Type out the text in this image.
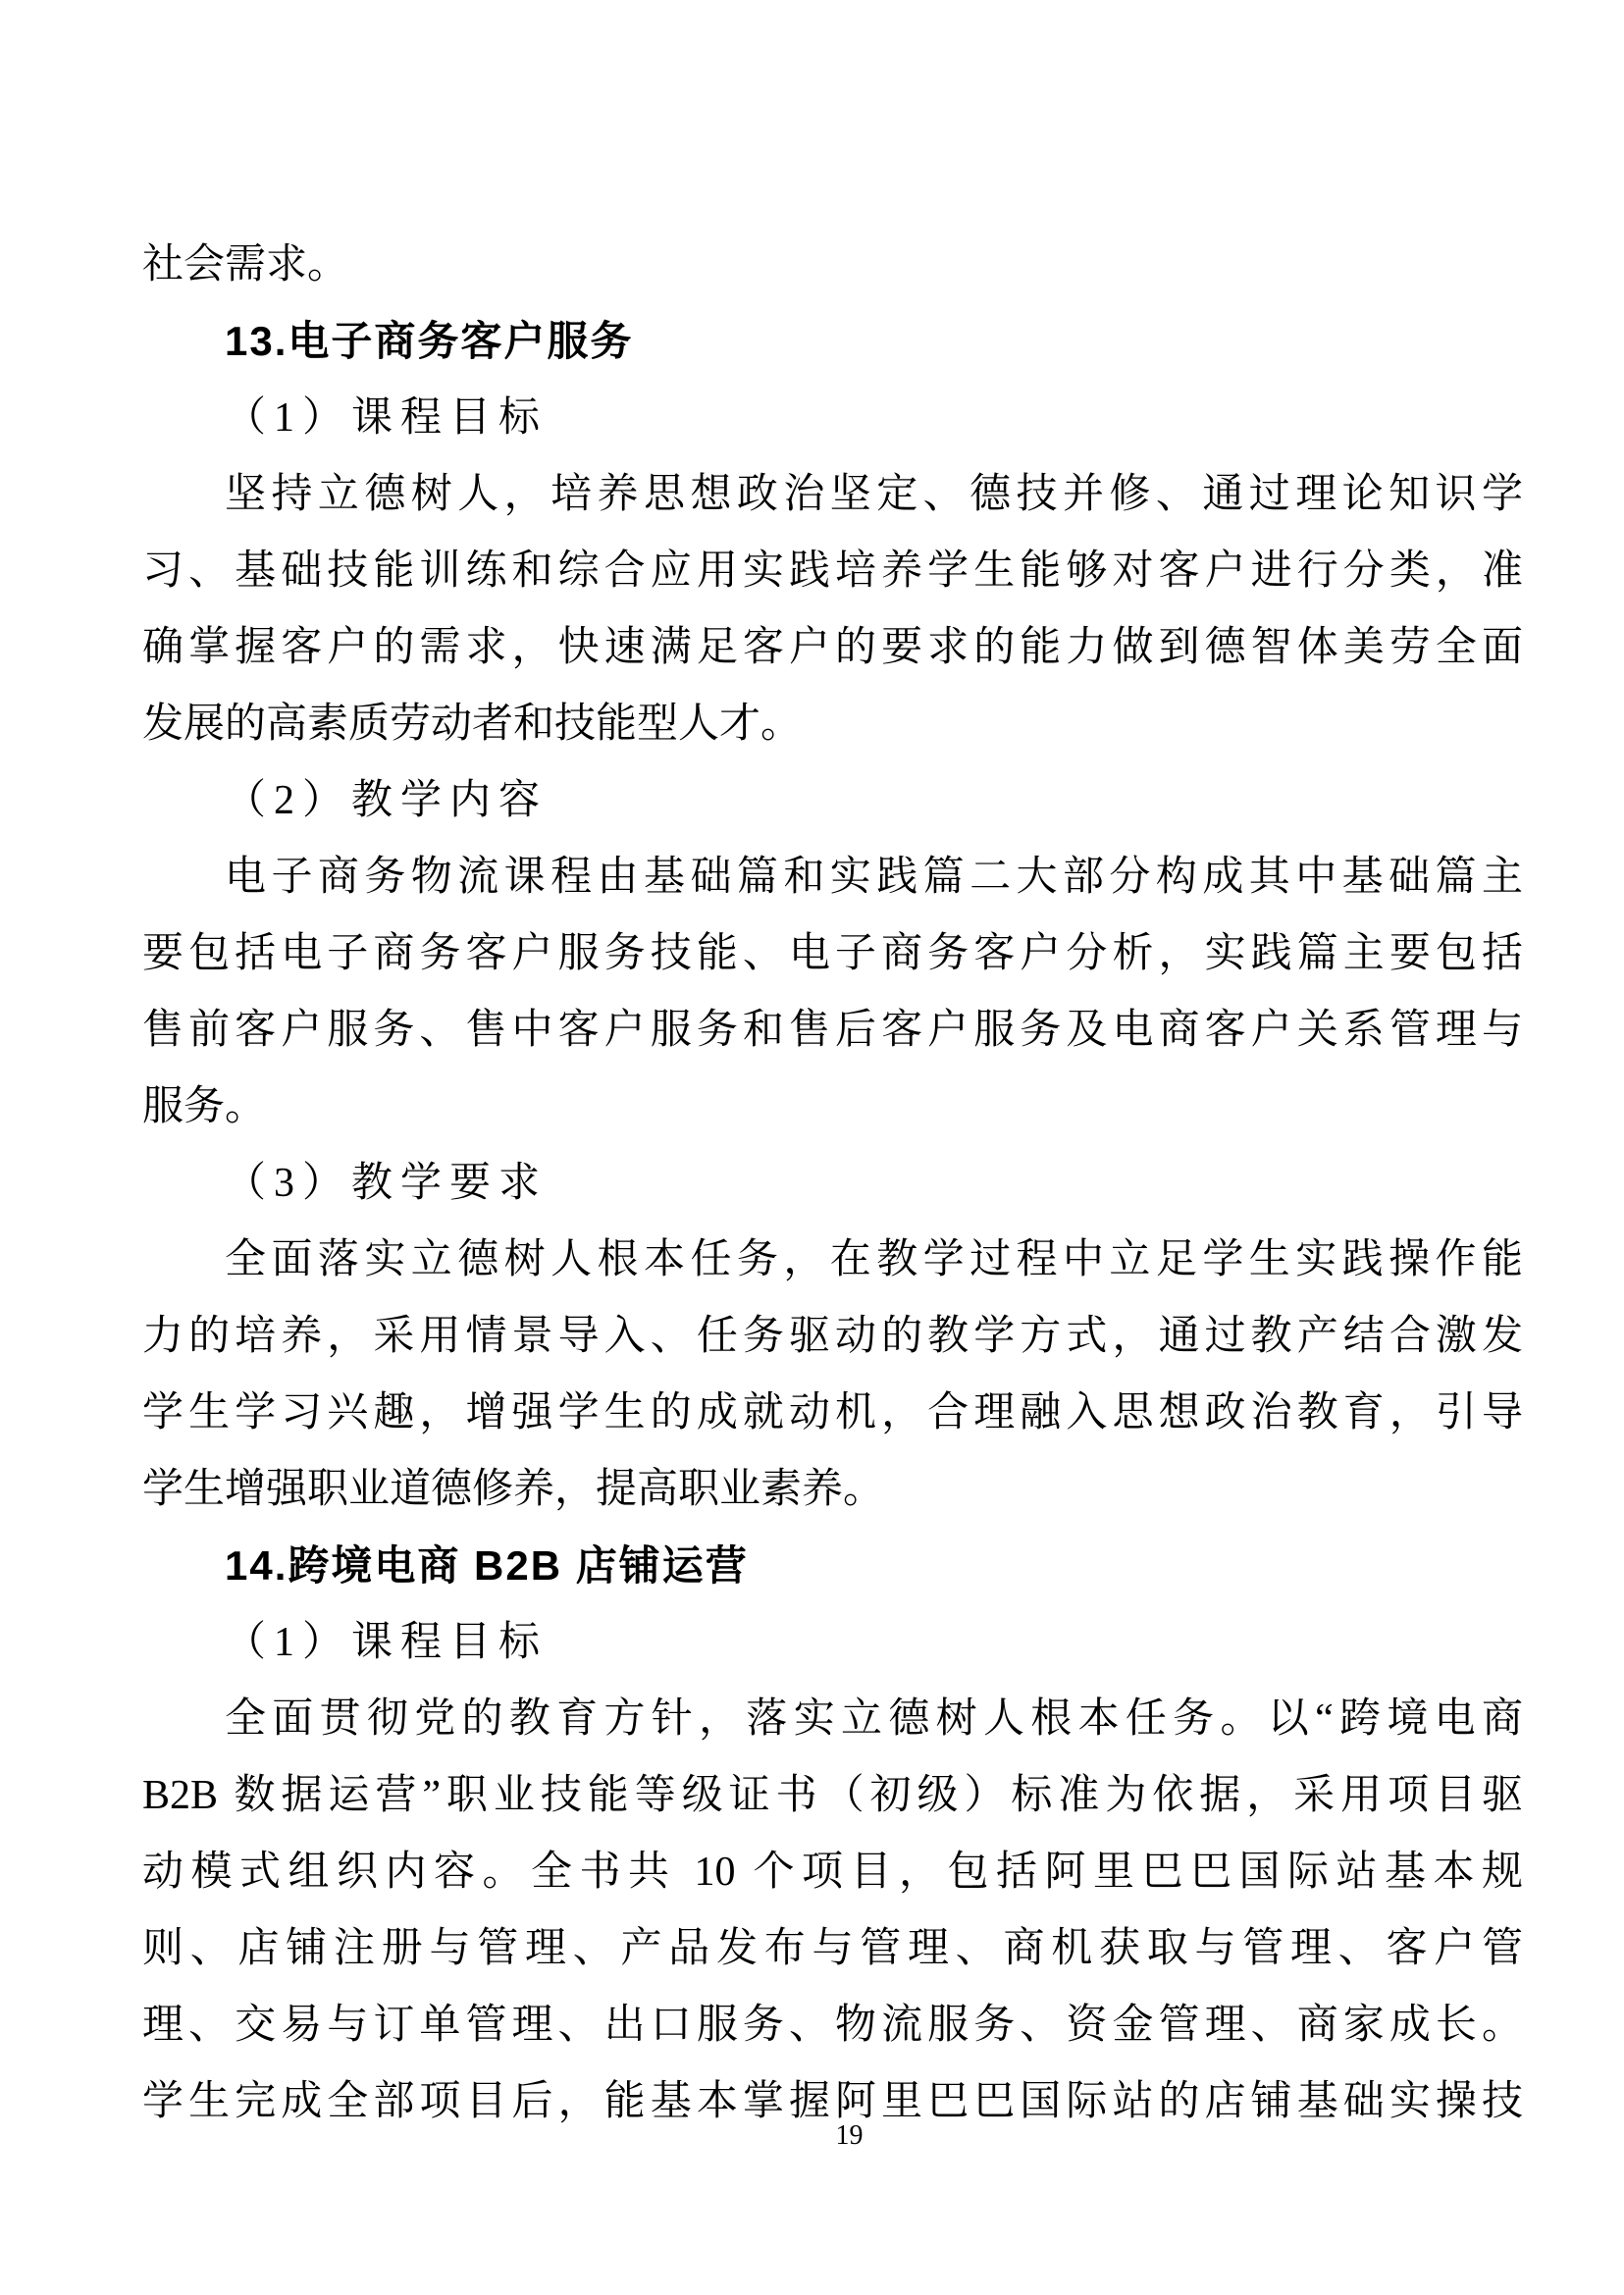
社会需求。

13.电子商务客户服务

（1）课程目标

坚持立德树人，培养思想政治坚定、德技并修、通过理论知识学

习、基础技能训练和综合应用实践培养学生能够对客户进行分类，准

确掌握客户的需求，快速满足客户的要求的能力做到德智体美劳全面

发展的高素质劳动者和技能型人才。

（2）教学内容

电子商务物流课程由基础篇和实践篇二大部分构成其中基础篇主

要包括电子商务客户服务技能、电子商务客户分析，实践篇主要包括

售前客户服务、售中客户服务和售后客户服务及电商客户关系管理与

服务。

（3）教学要求

全面落实立德树人根本任务，在教学过程中立足学生实践操作能

力的培养，采用情景导入、任务驱动的教学方式，通过教产结合激发

学生学习兴趣，增强学生的成就动机，合理融入思想政治教育，引导

学生增强职业道德修养，提高职业素养。

14.跨境电商 B2B 店铺运营

（1）课程目标

全面贯彻党的教育方针，落实立德树人根本任务。以“跨境电商

B2B 数据运营”职业技能等级证书（初级）标准为依据，采用项目驱

动模式组织内容。全书共 10 个项目，包括阿里巴巴国际站基本规

则、店铺注册与管理、产品发布与管理、商机获取与管理、客户管

理、交易与订单管理、出口服务、物流服务、资金管理、商家成长。

学生完成全部项目后，能基本掌握阿里巴巴国际站的店铺基础实操技

19
